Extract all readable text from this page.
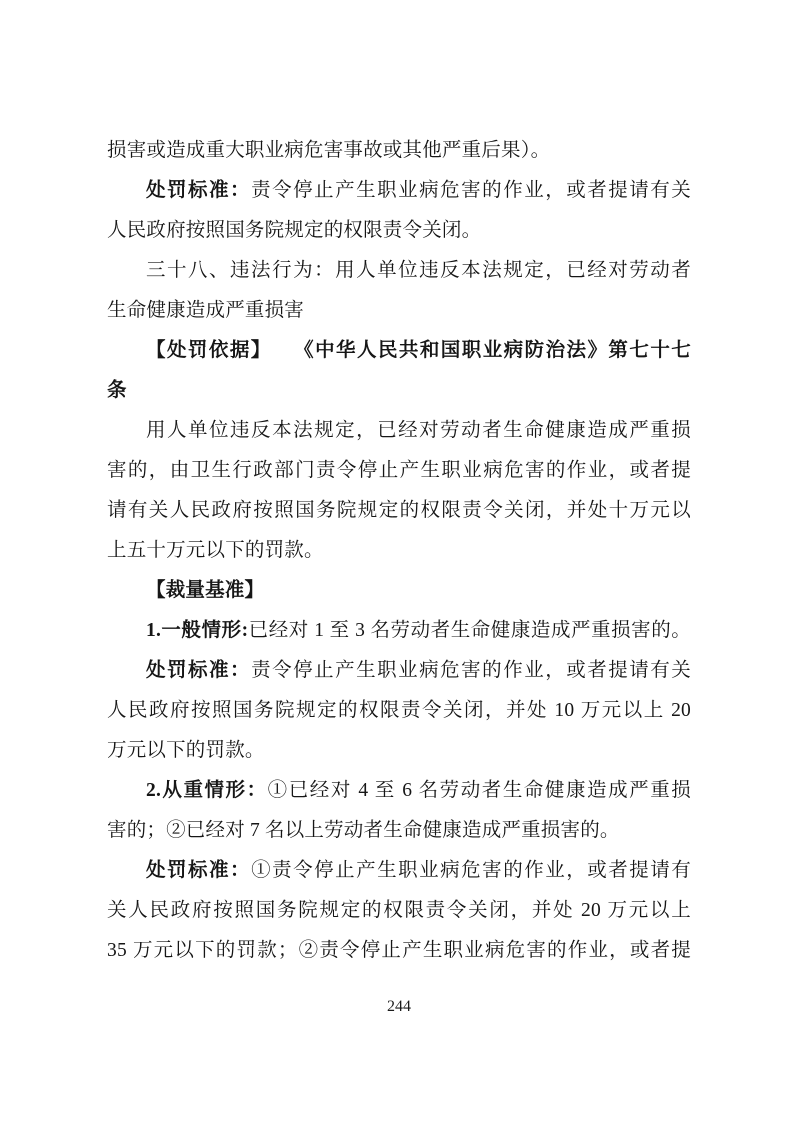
损害或造成重大职业病危害事故或其他严重后果）。
处罚标准：责令停止产生职业病危害的作业，或者提请有关
人民政府按照国务院规定的权限责令关闭。
三十八、违法行为：用人单位违反本法规定，已经对劳动者
生命健康造成严重损害
【处罚依据】　　《中华人民共和国职业病防治法》第七十七
条
用人单位违反本法规定，已经对劳动者生命健康造成严重损
害的，由卫生行政部门责令停止产生职业病危害的作业，或者提
请有关人民政府按照国务院规定的权限责令关闭，并处十万元以
上五十万元以下的罚款。
【裁量基准】
1.一般情形:已经对 1 至 3 名劳动者生命健康造成严重损害的。
处罚标准：责令停止产生职业病危害的作业，或者提请有关
人民政府按照国务院规定的权限责令关闭，并处 10 万元以上 20
万元以下的罚款。
2.从重情形：①已经对 4 至 6 名劳动者生命健康造成严重损
害的；②已经对 7 名以上劳动者生命健康造成严重损害的。
处罚标准：①责令停止产生职业病危害的作业，或者提请有
关人民政府按照国务院规定的权限责令关闭，并处 20 万元以上
35 万元以下的罚款；②责令停止产生职业病危害的作业，或者提
244
